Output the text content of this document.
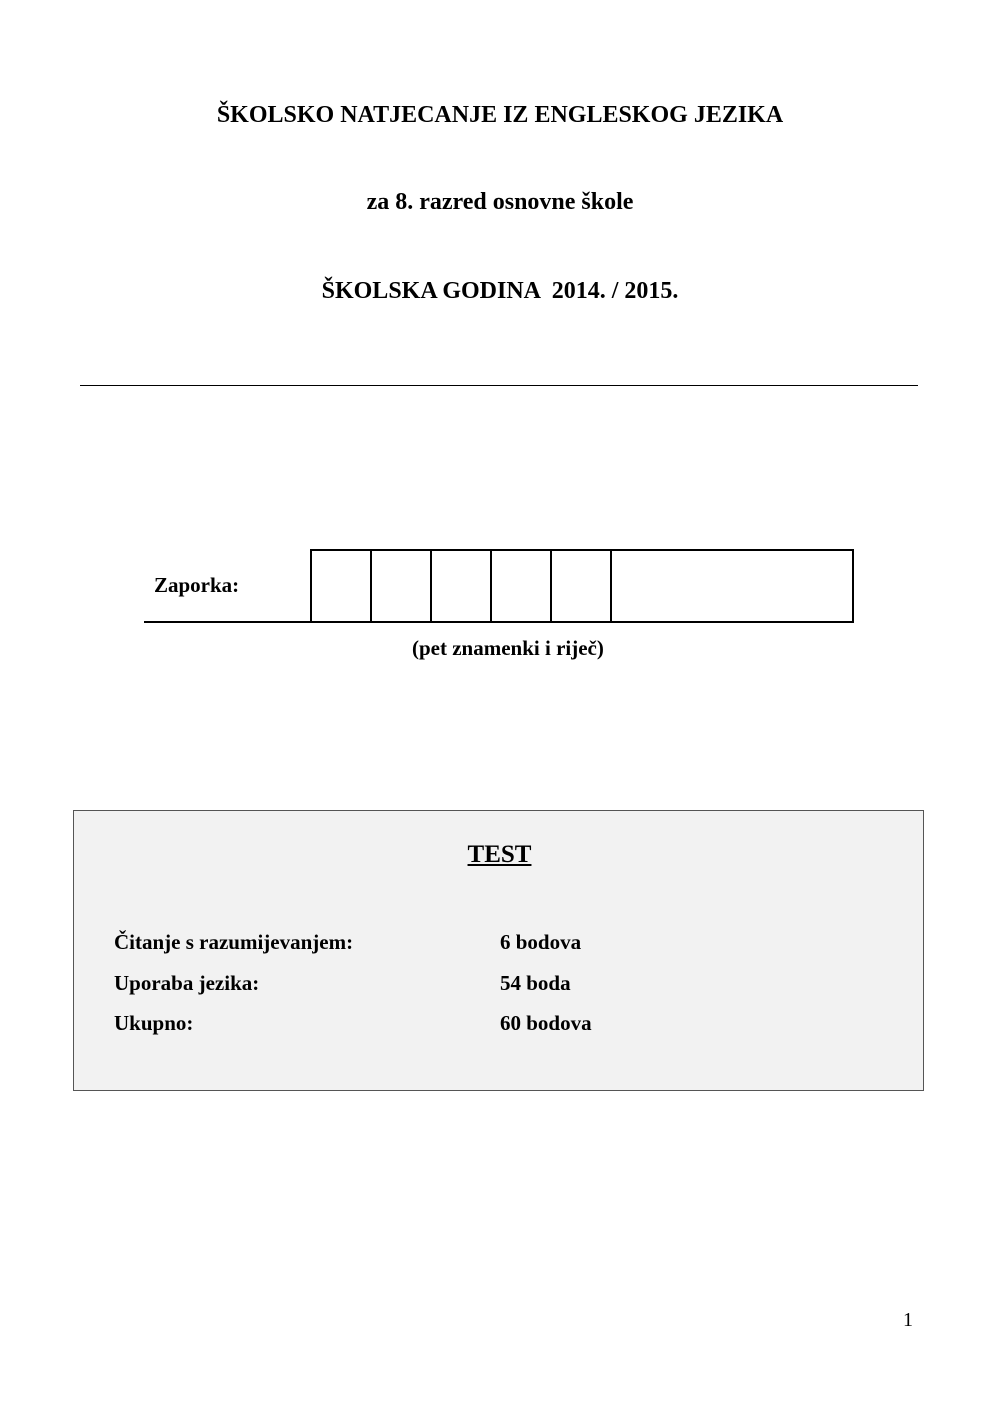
ŠKOLSKO NATJECANJE IZ ENGLESKOG JEZIKA
za 8. razred osnovne škole
ŠKOLSKA GODINA  2014. / 2015.
Zaporka:
(pet znamenki i riječ)
TEST
Čitanje s razumijevanjem:	6 bodova
Uporaba jezika:	54 boda
Ukupno:	60 bodova
1
